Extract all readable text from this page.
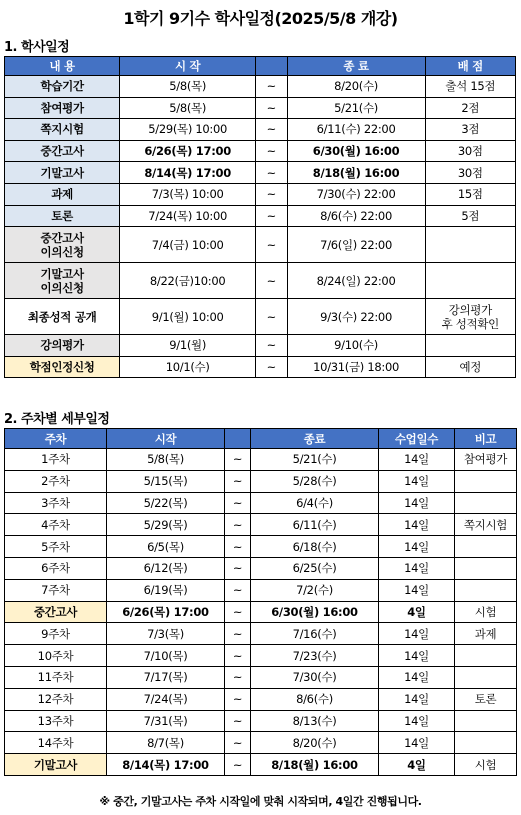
1학기 9기수 학사일정(2025/5/8 개강)
1. 학사일정
내 용	시 작		종 료	배 점
학습기간	5/8(목)	~	8/20(수)	출석 15점
참여평가	5/8(목)	~	5/21(수)	2점
쪽지시험	5/29(목) 10:00	~	6/11(수) 22:00	3점
중간고사	6/26(목) 17:00	~	6/30(월) 16:00	30점
기말고사	8/14(목) 17:00	~	8/18(월) 16:00	30점
과제	7/3(목) 10:00	~	7/30(수) 22:00	15점
토론	7/24(목) 10:00	~	8/6(수) 22:00	5점
중간고사
이의신청	7/4(금) 10:00	~	7/6(일) 22:00	
기말고사
이의신청	8/22(금)10:00	~	8/24(일) 22:00	
최종성적 공개	9/1(월) 10:00	~	9/3(수) 22:00	강의평가
후 성적확인
강의평가	9/1(월)	~	9/10(수)	
학점인정신청	10/1(수)	~	10/31(금) 18:00	예정
2. 주차별 세부일정
주차	시작		종료	수업일수	비고
1주차	5/8(목)	~	5/21(수)	14일	참여평가
2주차	5/15(목)	~	5/28(수)	14일	
3주차	5/22(목)	~	6/4(수)	14일	
4주차	5/29(목)	~	6/11(수)	14일	쪽지시험
5주차	6/5(목)	~	6/18(수)	14일	
6주차	6/12(목)	~	6/25(수)	14일	
7주차	6/19(목)	~	7/2(수)	14일	
중간고사	6/26(목) 17:00	~	6/30(월) 16:00	4일	시험
9주차	7/3(목)	~	7/16(수)	14일	과제
10주차	7/10(목)	~	7/23(수)	14일	
11주차	7/17(목)	~	7/30(수)	14일	
12주차	7/24(목)	~	8/6(수)	14일	토론
13주차	7/31(목)	~	8/13(수)	14일	
14주차	8/7(목)	~	8/20(수)	14일	
기말고사	8/14(목) 17:00	~	8/18(월) 16:00	4일	시험
※ 중간, 기말고사는 주차 시작일에 맞춰 시작되며, 4일간 진행됩니다.
